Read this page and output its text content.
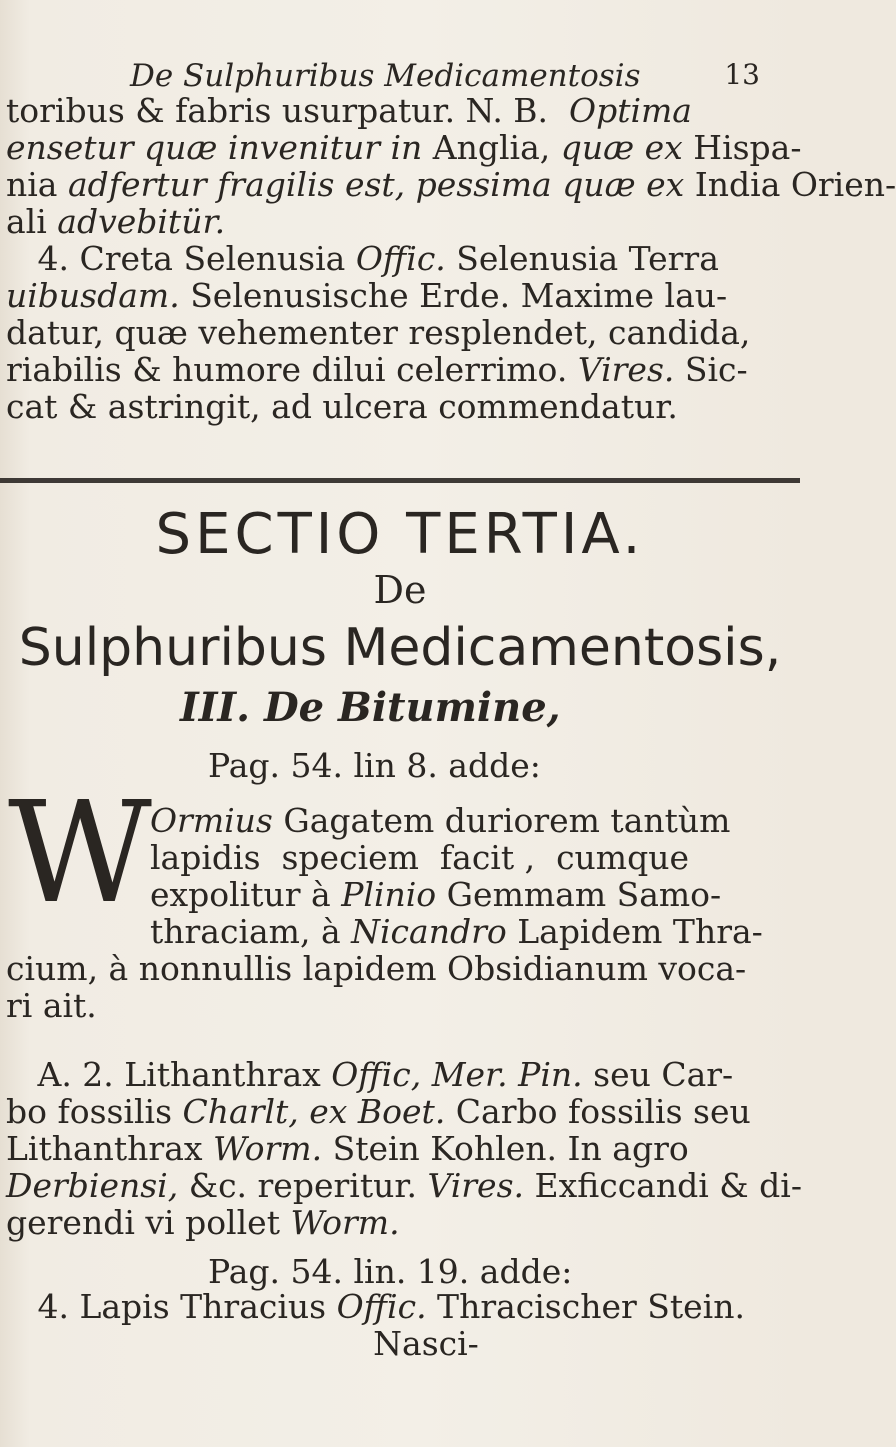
De Sulphuribus Medicamentosis	13
toribus & fabris usurpatur. N. B.  Optima
ensetur quæ invenitur in Anglia, quæ ex Hispa-
nia adfertur fragilis est, pessima quæ ex India Orien-
ali advebitür.
4. Creta Selenusia Offic. Selenusia Terra
uibusdam. Selenusische Erde. Maxime lau-
datur, quæ vehementer resplendet, candida,
riabilis & humore dilui celerrimo. Vires. Sic-
cat & astringit, ad ulcera commendatur.
SECTIO TERTIA.
De
Sulphuribus Medicamentosis,
III. De Bitumine,
Pag. 54. lin 8. adde:
W
Ormius Gagatem duriorem tantùm
lapidis  speciem  facit ,  cumque
expolitur à Plinio Gemmam Samo-
thraciam, à Nicandro Lapidem Thra-
cium, à nonnullis lapidem Obsidianum voca-
ri ait.
A. 2. Lithanthrax Offic, Mer. Pin. seu Car-
bo fossilis Charlt, ex Boet. Carbo fossilis seu
Lithanthrax Worm. Stein Kohlen. In agro
Derbiensi, &c. reperitur. Vires. Exficcandi & di-
gerendi vi pollet Worm.
Pag. 54. lin. 19. adde:
4. Lapis Thracius Offic. Thracischer Stein.
Nasci-
